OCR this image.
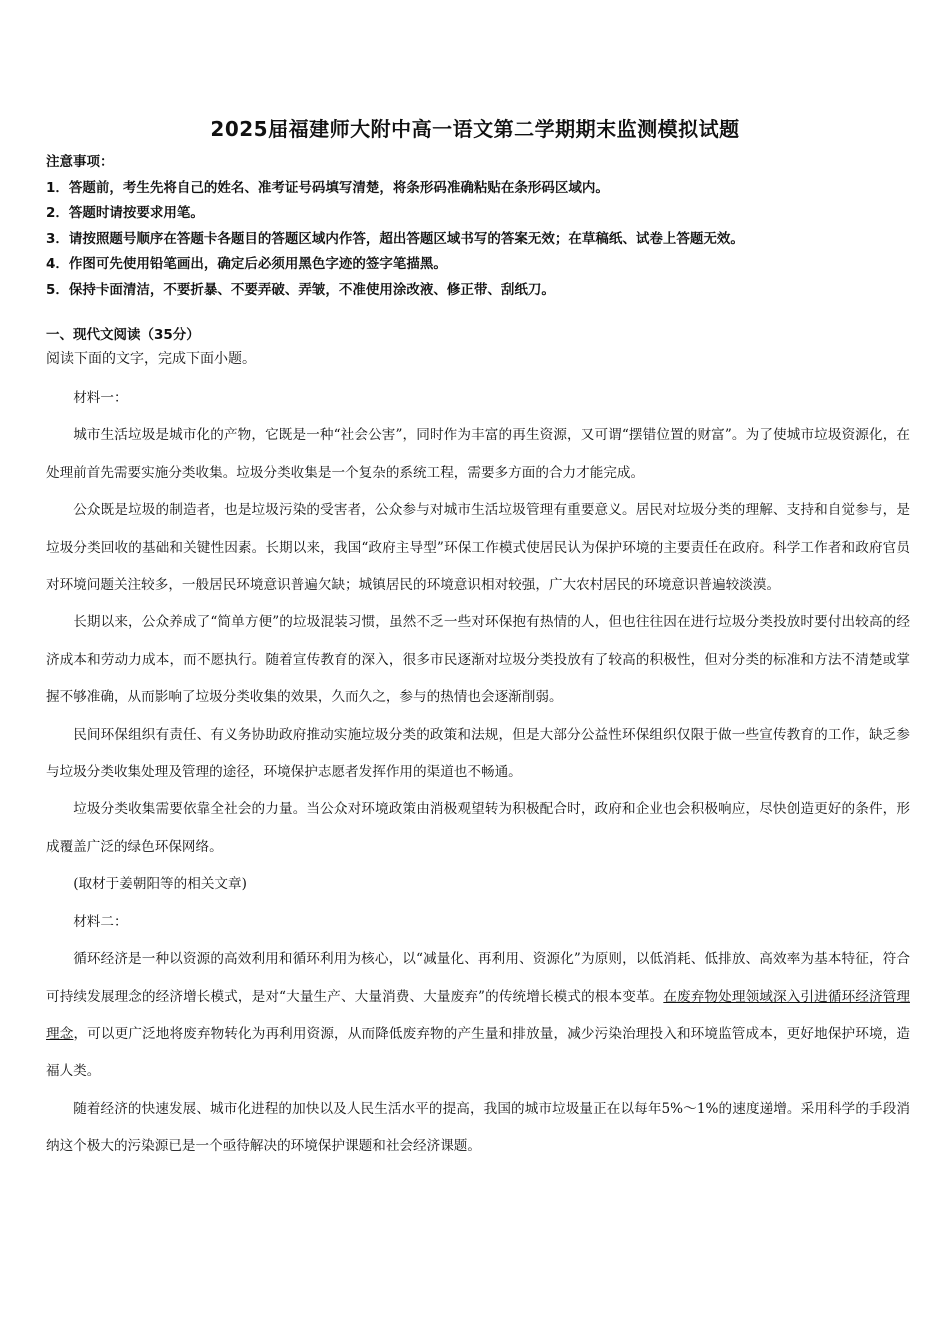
2025届福建师大附中高一语文第二学期期末监测模拟试题
注意事项：
1．答题前，考生先将自己的姓名、准考证号码填写清楚，将条形码准确粘贴在条形码区域内。
2．答题时请按要求用笔。
3．请按照题号顺序在答题卡各题目的答题区域内作答，超出答题区域书写的答案无效；在草稿纸、试卷上答题无效。
4．作图可先使用铅笔画出，确定后必须用黑色字迹的签字笔描黑。
5．保持卡面清洁，不要折暴、不要弄破、弄皱，不准使用涂改液、修正带、刮纸刀。
一、现代文阅读（35分）
阅读下面的文字，完成下面小题。

材料一：

城市生活垃圾是城市化的产物，它既是一种“社会公害”，同时作为丰富的再生资源，又可谓“摆错位置的财富”。为了使城市垃圾资源化，在处理前首先需要实施分类收集。垃圾分类收集是一个复杂的系统工程，需要多方面的合力才能完成。

公众既是垃圾的制造者，也是垃圾污染的受害者，公众参与对城市生活垃圾管理有重要意义。居民对垃圾分类的理解、支持和自觉参与，是垃圾分类回收的基础和关键性因素。长期以来，我国“政府主导型”环保工作模式使居民认为保护环境的主要责任在政府。科学工作者和政府官员对环境问题关注较多，一般居民环境意识普遍欠缺；城镇居民的环境意识相对较强，广大农村居民的环境意识普遍较淡漠。

长期以来，公众养成了“简单方便”的垃圾混装习惯，虽然不乏一些对环保抱有热情的人，但也往往因在进行垃圾分类投放时要付出较高的经济成本和劳动力成本，而不愿执行。随着宣传教育的深入，很多市民逐渐对垃圾分类投放有了较高的积极性，但对分类的标准和方法不清楚或掌握不够准确，从而影响了垃圾分类收集的效果，久而久之，参与的热情也会逐渐削弱。

民间环保组织有责任、有义务协助政府推动实施垃圾分类的政策和法规，但是大部分公益性环保组织仅限于做一些宣传教育的工作，缺乏参与垃圾分类收集处理及管理的途径，环境保护志愿者发挥作用的渠道也不畅通。

垃圾分类收集需要依靠全社会的力量。当公众对环境政策由消极观望转为积极配合时，政府和企业也会积极响应，尽快创造更好的条件，形成覆盖广泛的绿色环保网络。

(取材于姜朝阳等的相关文章)

材料二：

循环经济是一种以资源的高效利用和循环利用为核心，以“减量化、再利用、资源化”为原则，以低消耗、低排放、高效率为基本特征，符合可持续发展理念的经济增长模式，是对“大量生产、大量消费、大量废弃”的传统增长模式的根本变革。在废弃物处理领域深入引进循环经济管理理念，可以更广泛地将废弃物转化为再利用资源，从而降低废弃物的产生量和排放量，减少污染治理投入和环境监管成本，更好地保护环境，造福人类。

随着经济的快速发展、城市化进程的加快以及人民生活水平的提高，我国的城市垃圾量正在以每年5%～1%的速度递增。采用科学的手段消纳这个极大的污染源已是一个亟待解决的环境保护课题和社会经济课题。
